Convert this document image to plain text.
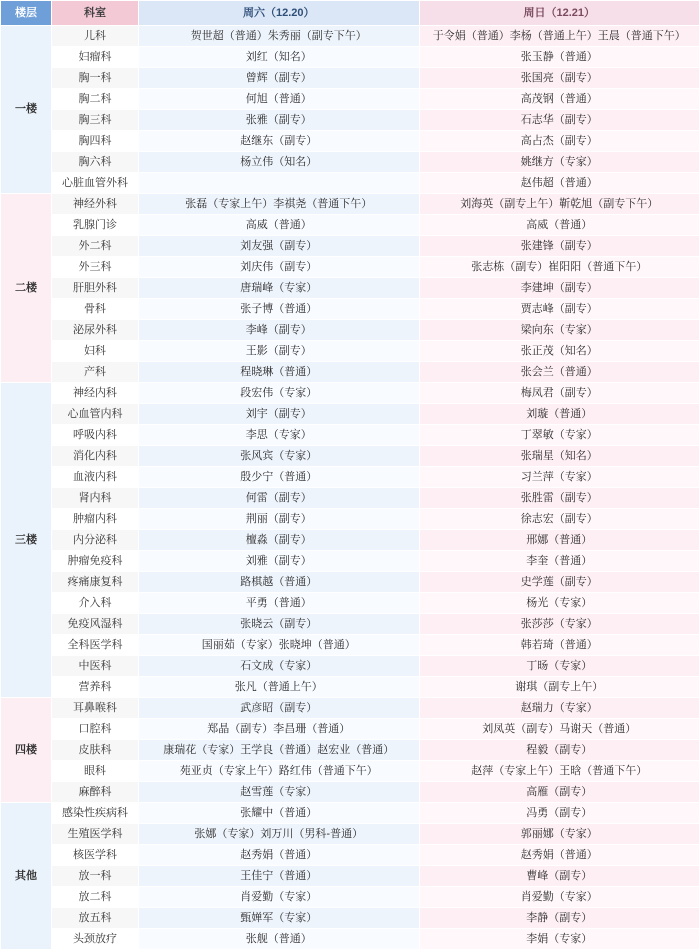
楼层	科室	周六（12.20）	周日（12.21）
一楼	儿科	贺世超（普通）朱秀丽（副专下午）	于令娟（普通）李杨（普通上午）王晨（普通下午）
	妇瘤科	刘红（知名）	张玉静（普通）
	胸一科	曾辉（副专）	张国亮（副专）
	胸二科	何旭（普通）	高茂钢（普通）
	胸三科	张雅（副专）	石志华（副专）
	胸四科	赵继东（副专）	高占杰（副专）
	胸六科	杨立伟（知名）	姚继方（专家）
	心脏血管外科		赵伟超（普通）
二楼	神经外科	张磊（专家上午）李祺尧（普通下午）	刘海英（副专上午）靳乾旭（副专下午）
	乳腺门诊	高威（普通）	高威（普通）
	外二科	刘友强（副专）	张建锋（副专）
	外三科	刘庆伟（副专）	张志栋（副专）崔阳阳（普通下午）
	肝胆外科	唐瑞峰（专家）	李建坤（副专）
	骨科	张子博（普通）	贾志峰（副专）
	泌尿外科	李峰（副专）	梁向东（专家）
	妇科	王影（副专）	张正茂（知名）
	产科	程晓琳（普通）	张会兰（普通）
三楼	神经内科	段宏伟（专家）	梅凤君（副专）
	心血管内科	刘宇（副专）	刘璇（普通）
	呼吸内科	李思（专家）	丁翠敏（专家）
	消化内科	张风宾（专家）	张瑞星（知名）
	血液内科	殷少宁（普通）	习兰萍（专家）
	肾内科	何雷（副专）	张胜雷（副专）
	肿瘤内科	荆丽（副专）	徐志宏（副专）
	内分泌科	檀淼（副专）	邢娜（普通）
	肿瘤免疫科	刘雅（副专）	李奎（普通）
	疼痛康复科	路棋越（普通）	史学莲（副专）
	介入科	平勇（普通）	杨光（专家）
	免疫风湿科	张晓云（副专）	张莎莎（专家）
	全科医学科	国丽茹（专家）张晓坤（普通）	韩若琦（普通）
	中医科	石文成（专家）	丁旸（专家）
	营养科	张凡（普通上午）	谢琪（副专上午）
四楼	耳鼻喉科	武彦昭（副专）	赵瑞力（专家）
	口腔科	郑晶（副专）李昌珊（普通）	刘凤英（副专）马谢天（普通）
	皮肤科	康瑞花（专家）王学良（普通）赵宏业（普通）	程毅（副专）
	眼科	苑亚贞（专家上午）路红伟（普通下午）	赵萍（专家上午）王晗（普通下午）
	麻醉科	赵雪莲（专家）	高雁（副专）
其他	感染性疾病科	张耀中（普通）	冯勇（副专）
	生殖医学科	张娜（专家）刘万川（男科-普通）	郭丽娜（专家）
	核医学科	赵秀娟（普通）	赵秀娟（普通）
	放一科	王佳宁（普通）	曹峰（副专）
	放二科	肖爱勤（专家）	肖爱勤（专家）
	放五科	甄婵军（专家）	李静（副专）
	头颈放疗	张舰（普通）	李娟（专家）
